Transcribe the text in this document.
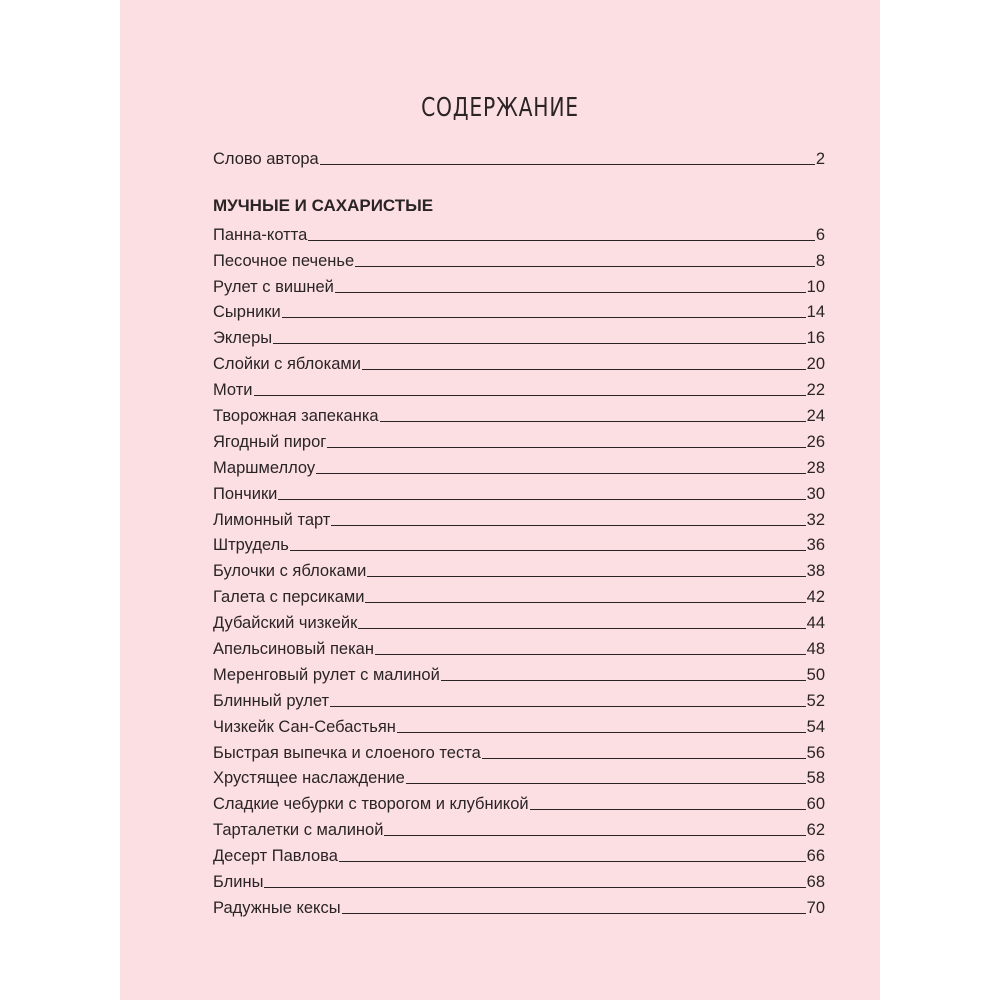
СОДЕРЖАНИЕ
Слово автора	2
МУЧНЫЕ И САХАРИСТЫЕ
Панна-котта	6
Песочное печенье	8
Рулет с вишней	10
Сырники	14
Эклеры	16
Слойки с яблоками	20
Моти	22
Творожная запеканка	24
Ягодный пирог	26
Маршмеллоу	28
Пончики	30
Лимонный тарт	32
Штрудель	36
Булочки с яблоками	38
Галета с персиками	42
Дубайский чизкейк	44
Апельсиновый пекан	48
Меренговый рулет с малиной	50
Блинный рулет	52
Чизкейк Сан-Себастьян	54
Быстрая выпечка и слоеного теста	56
Хрустящее наслаждение	58
Сладкие чебурки с творогом и клубникой	60
Тарталетки с малиной	62
Десерт Павлова	66
Блины	68
Радужные кексы	70
